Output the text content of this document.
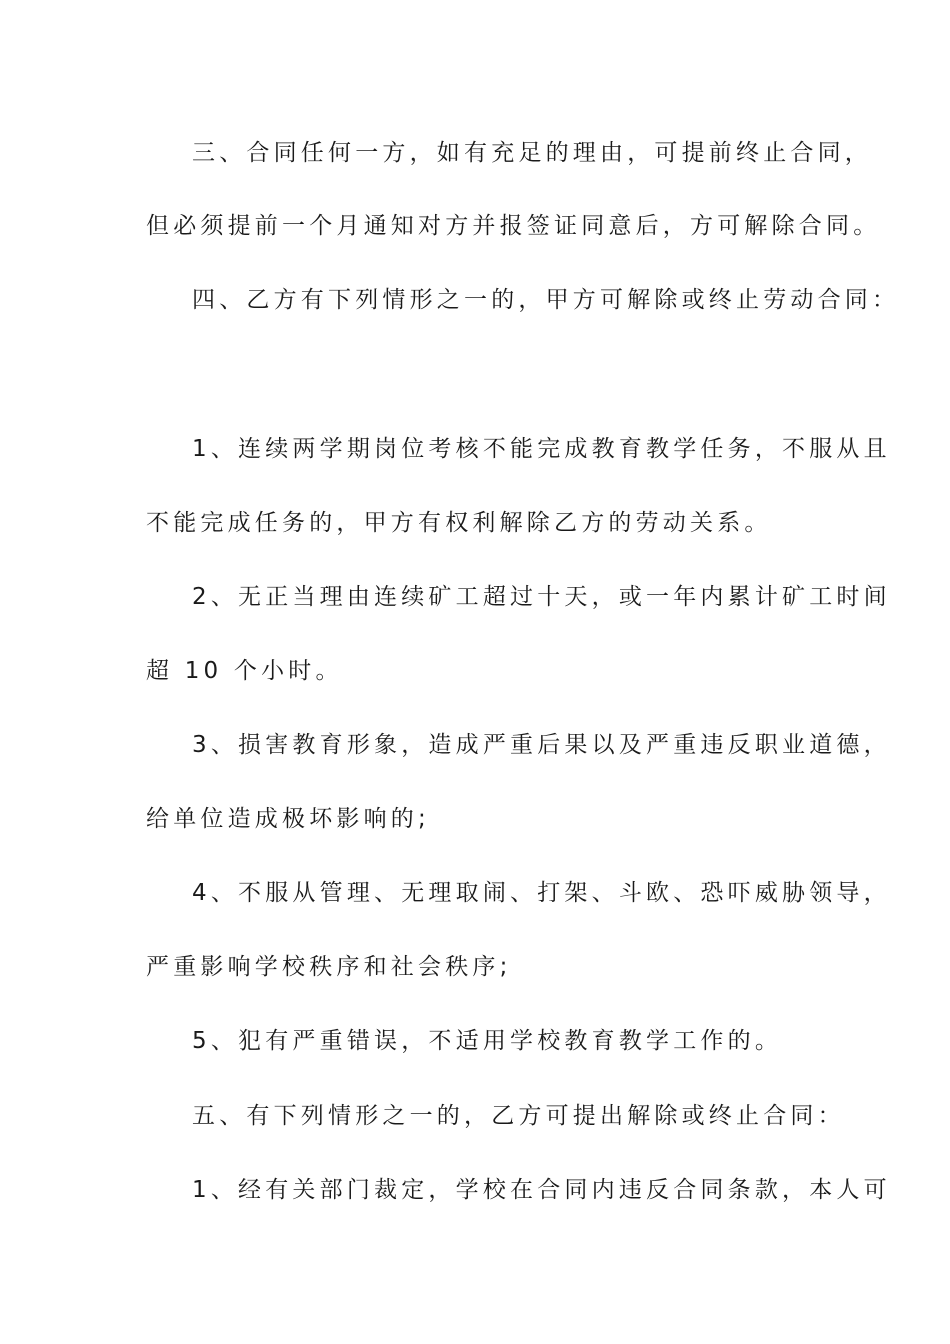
三、合同任何一方，如有充足的理由，可提前终止合同，

但必须提前一个月通知对方并报签证同意后，方可解除合同。

四、乙方有下列情形之一的，甲方可解除或终止劳动合同：

1、连续两学期岗位考核不能完成教育教学任务，不服从且

不能完成任务的，甲方有权利解除乙方的劳动关系。

2、无正当理由连续矿工超过十天，或一年内累计矿工时间

超 10 个小时。

3、损害教育形象，造成严重后果以及严重违反职业道德，

给单位造成极坏影响的;

4、不服从管理、无理取闹、打架、斗欧、恐吓威胁领导，

严重影响学校秩序和社会秩序;

5、犯有严重错误，不适用学校教育教学工作的。

五、有下列情形之一的，乙方可提出解除或终止合同：

1、经有关部门裁定，学校在合同内违反合同条款，本人可
